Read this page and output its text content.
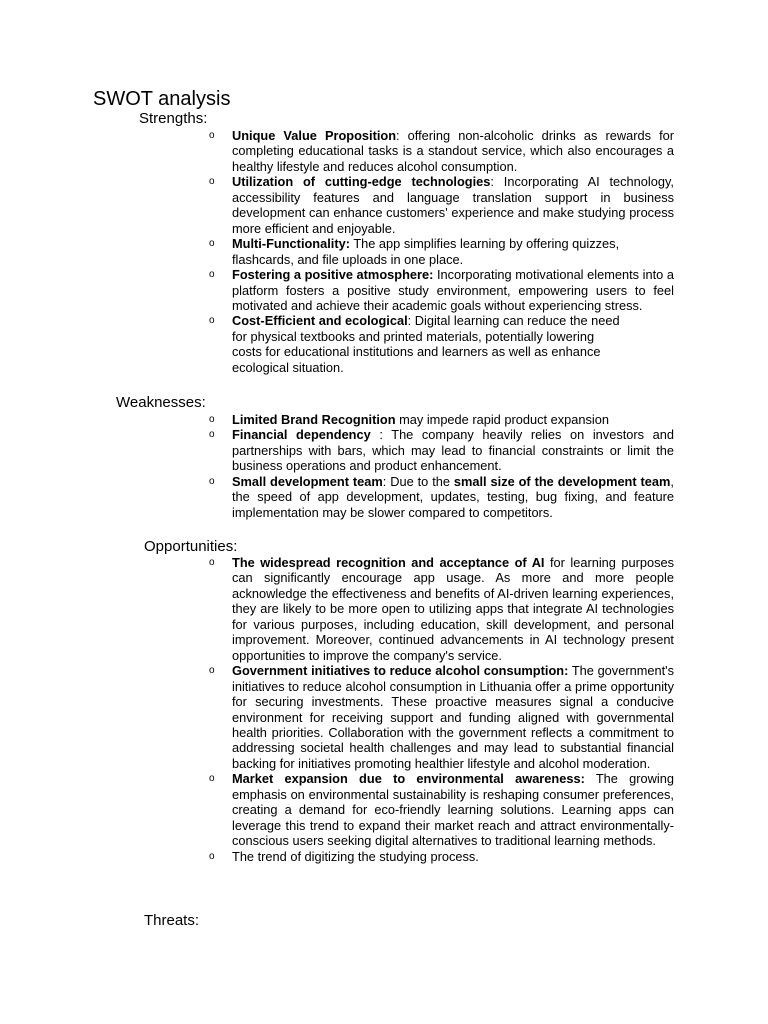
SWOT analysis
Strengths:
o Unique Value Proposition: offering non-alcoholic drinks as rewards for completing educational tasks is a standout service, which also encourages a healthy lifestyle and reduces alcohol consumption.
o Utilization of cutting-edge technologies: Incorporating AI technology, accessibility features and language translation support in business development can enhance customers' experience and make studying process more efficient and enjoyable.
o Multi-Functionality: The app simplifies learning by offering quizzes, flashcards, and file uploads in one place.
o Fostering a positive atmosphere: Incorporating motivational elements into a platform fosters a positive study environment, empowering users to feel motivated and achieve their academic goals without experiencing stress.
o Cost-Efficient and ecological: Digital learning can reduce the need for physical textbooks and printed materials, potentially lowering costs for educational institutions and learners as well as enhance ecological situation.
Weaknesses:
o Limited Brand Recognition may impede rapid product expansion
o Financial dependency : The company heavily relies on investors and partnerships with bars, which may lead to financial constraints or limit the business operations and product enhancement.
o Small development team: Due to the small size of the development team, the speed of app development, updates, testing, bug fixing, and feature implementation may be slower compared to competitors.
Opportunities:
o The widespread recognition and acceptance of AI for learning purposes can significantly encourage app usage. As more and more people acknowledge the effectiveness and benefits of AI-driven learning experiences, they are likely to be more open to utilizing apps that integrate AI technologies for various purposes, including education, skill development, and personal improvement. Moreover, continued advancements in AI technology present opportunities to improve the company's service.
o Government initiatives to reduce alcohol consumption: The government's initiatives to reduce alcohol consumption in Lithuania offer a prime opportunity for securing investments. These proactive measures signal a conducive environment for receiving support and funding aligned with governmental health priorities. Collaboration with the government reflects a commitment to addressing societal health challenges and may lead to substantial financial backing for initiatives promoting healthier lifestyle and alcohol moderation.
o Market expansion due to environmental awareness: The growing emphasis on environmental sustainability is reshaping consumer preferences, creating a demand for eco-friendly learning solutions. Learning apps can leverage this trend to expand their market reach and attract environmentally-conscious users seeking digital alternatives to traditional learning methods.
o The trend of digitizing the studying process.
Threats:
